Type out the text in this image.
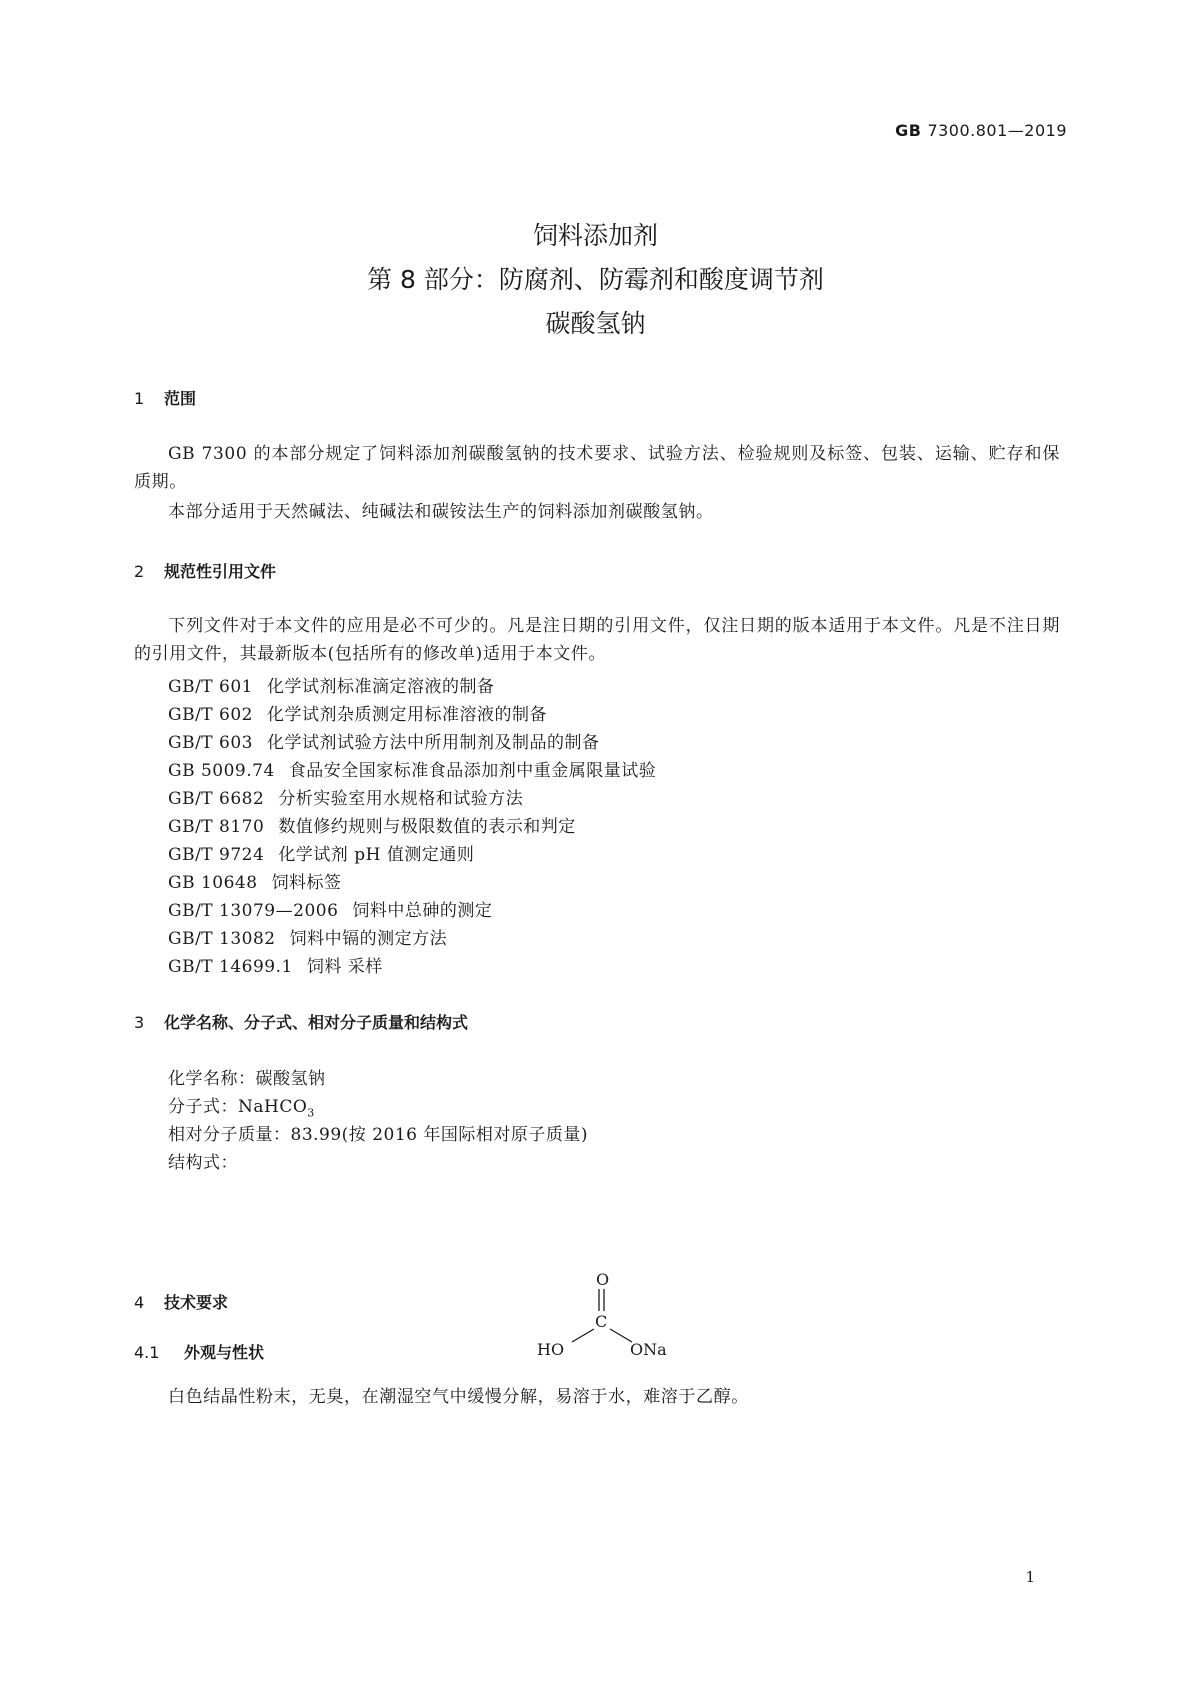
GB 7300.801—2019
饲料添加剂
第 8 部分：防腐剂、防霉剂和酸度调节剂
碳酸氢钠
1 范围
GB 7300 的本部分规定了饲料添加剂碳酸氢钠的技术要求、试验方法、检验规则及标签、包装、运输、贮存和保质期。
本部分适用于天然碱法、纯碱法和碳铵法生产的饲料添加剂碳酸氢钠。
2 规范性引用文件
下列文件对于本文件的应用是必不可少的。凡是注日期的引用文件，仅注日期的版本适用于本文件。凡是不注日期的引用文件，其最新版本(包括所有的修改单)适用于本文件。
GB/T 601 化学试剂标准滴定溶液的制备
GB/T 602 化学试剂杂质测定用标准溶液的制备
GB/T 603 化学试剂试验方法中所用制剂及制品的制备
GB 5009.74 食品安全国家标准食品添加剂中重金属限量试验
GB/T 6682 分析实验室用水规格和试验方法
GB/T 8170 数值修约规则与极限数值的表示和判定
GB/T 9724 化学试剂 pH 值测定通则
GB 10648 饲料标签
GB/T 13079—2006 饲料中总砷的测定
GB/T 13082 饲料中镉的测定方法
GB/T 14699.1 饲料 采样
3 化学名称、分子式、相对分子质量和结构式
化学名称：碳酸氢钠
分子式：NaHCO$_3$
相对分子质量：83.99(按 2016 年国际相对原子质量)
结构式：
O
C
HO	ONa
4 技术要求
4.1 外观与性状
白色结晶性粉末，无臭，在潮湿空气中缓慢分解，易溶于水，难溶于乙醇。
1
